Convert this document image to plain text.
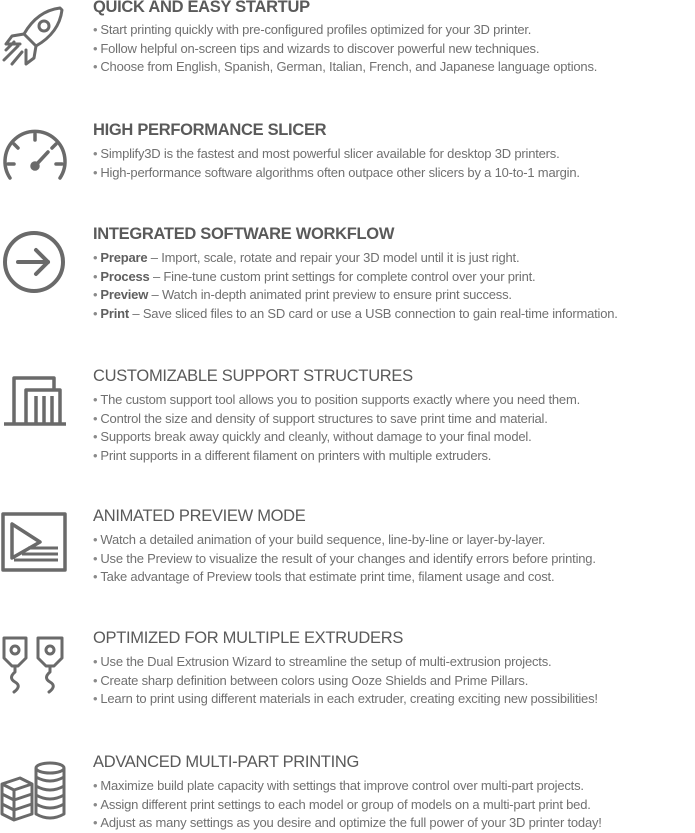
QUICK AND EASY STARTUP
• Start printing quickly with pre-configured profiles optimized for your 3D printer.
• Follow helpful on-screen tips and wizards to discover powerful new techniques.
• Choose from English, Spanish, German, Italian, French, and Japanese language options.
HIGH PERFORMANCE SLICER
• Simplify3D is the fastest and most powerful slicer available for desktop 3D printers.
• High-performance software algorithms often outpace other slicers by a 10-to-1 margin.
INTEGRATED SOFTWARE WORKFLOW
• Prepare – Import, scale, rotate and repair your 3D model until it is just right.
• Process – Fine-tune custom print settings for complete control over your print.
• Preview – Watch in-depth animated print preview to ensure print success.
• Print – Save sliced files to an SD card or use a USB connection to gain real-time information.
CUSTOMIZABLE SUPPORT STRUCTURES
• The custom support tool allows you to position supports exactly where you need them.
• Control the size and density of support structures to save print time and material.
• Supports break away quickly and cleanly, without damage to your final model.
• Print supports in a different filament on printers with multiple extruders.
ANIMATED PREVIEW MODE
• Watch a detailed animation of your build sequence, line-by-line or layer-by-layer.
• Use the Preview to visualize the result of your changes and identify errors before printing.
• Take advantage of Preview tools that estimate print time, filament usage and cost.
OPTIMIZED FOR MULTIPLE EXTRUDERS
• Use the Dual Extrusion Wizard to streamline the setup of multi-extrusion projects.
• Create sharp definition between colors using Ooze Shields and Prime Pillars.
• Learn to print using different materials in each extruder, creating exciting new possibilities!
ADVANCED MULTI-PART PRINTING
• Maximize build plate capacity with settings that improve control over multi-part projects.
• Assign different print settings to each model or group of models on a multi-part print bed.
• Adjust as many settings as you desire and optimize the full power of your 3D printer today!
